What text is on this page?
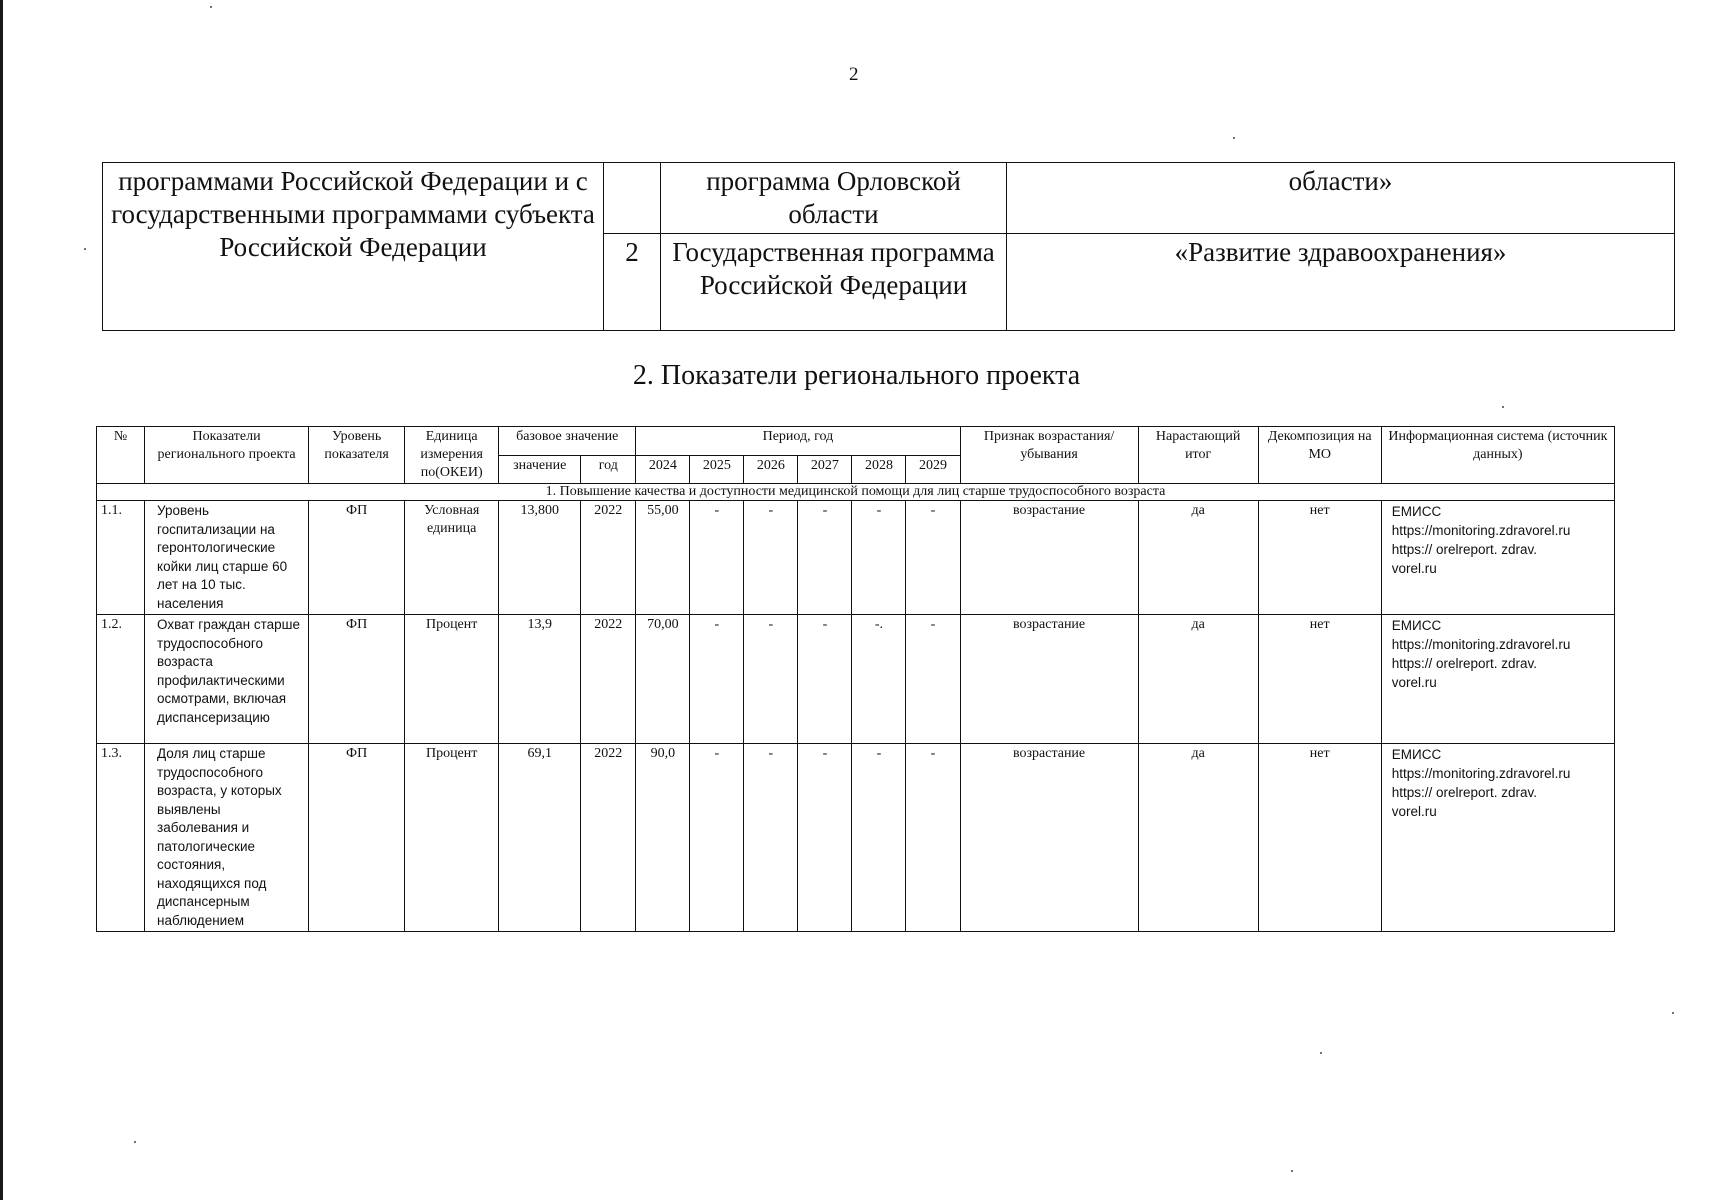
2
программами Российской Федерации и с государственными программами субъекта Российской Федерации		программа Орловской области	области»
	2	Государственная программа Российской Федерации	«Развитие здравоохранения»
2. Показатели регионального проекта
№	Показатели регионального проекта	Уровень показателя	Единица измерения по(ОКЕИ)	базовое значение		Период, год						Признак возрастания/убывания	Нарастающий итог	Декомпозиция на МО	Информационная система (источник данных)
				значение	год	2024	2025	2026	2027	2028	2029				
1. Повышение качества и доступности медицинской помощи для лиц старше трудоспособного возраста															
1.1.	Уровень госпитализации на геронтологические койки лиц старше 60 лет на 10 тыс. населения	ФП	Условная единица	13,800	2022	55,00	-	-	-	-	-	возрастание	да	нет	ЕМИСС
https://monitoring.zdravorel.ru
https:// orelreport. zdrav.
vorel.ru

1.2.	Охват граждан старше трудоспособного возраста профилактическими осмотрами, включая диспансеризацию	ФП	Процент	13,9	2022	70,00	-	-	-	-.	-	возрастание	да	нет	ЕМИСС
https://monitoring.zdravorel.ru
https:// orelreport. zdrav.
vorel.ru

1.3.	Доля лиц старше трудоспособного возраста, у которых выявлены заболевания и патологические состояния, находящихся под диспансерным наблюдением	ФП	Процент	69,1	2022	90,0	-	-	-	-	-	возрастание	да	нет	ЕМИСС
https://monitoring.zdravorel.ru
https:// orelreport. zdrav.
vorel.ru
